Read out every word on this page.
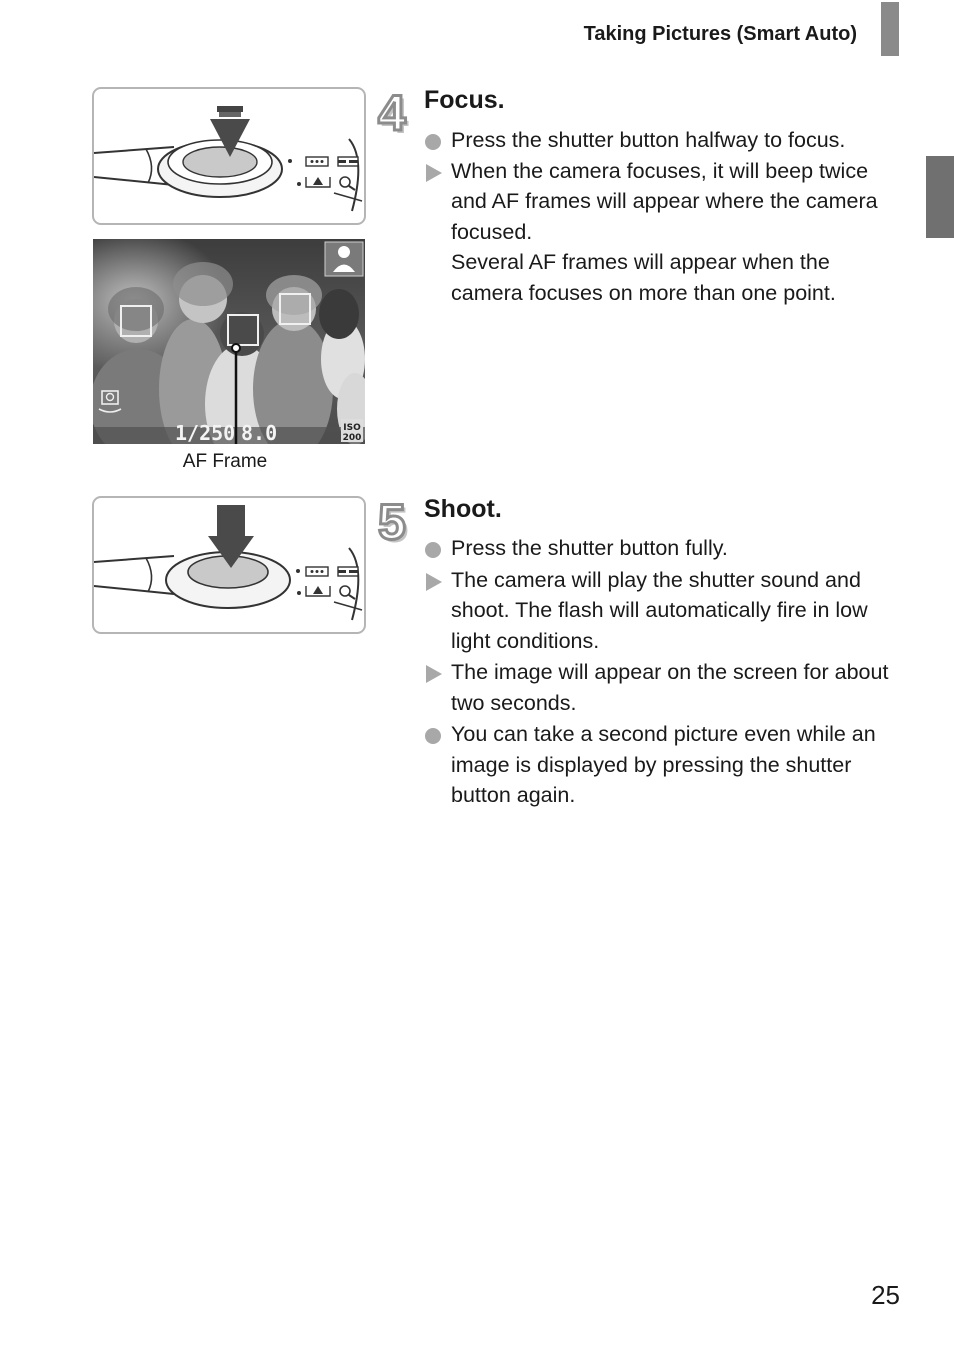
Taking Pictures (Smart Auto)
1/250 8.0	ISO
200
AF Frame
4 Focus.
Press the shutter button halfway to focus.
When the camera focuses, it will beep twice and AF frames will appear where the camera focused.
Several AF frames will appear when the camera focuses on more than one point.
5 Shoot.
Press the shutter button fully.
The camera will play the shutter sound and shoot. The flash will automatically fire in low light conditions.
The image will appear on the screen for about two seconds.
You can take a second picture even while an image is displayed by pressing the shutter button again.
25
